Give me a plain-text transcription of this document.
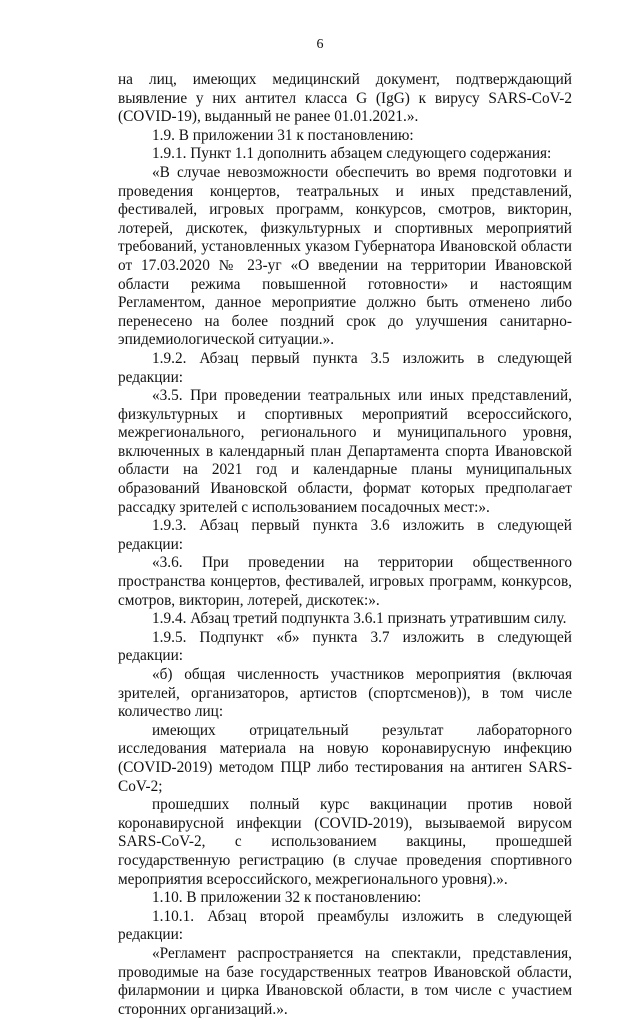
6

на лиц, имеющих медицинский документ, подтверждающий выявление у них антител класса G (IgG) к вирусу SARS-CoV-2 (COVID-19), выданный не ранее 01.01.2021.».

1.9. В приложении 31 к постановлению:

1.9.1. Пункт 1.1 дополнить абзацем следующего содержания:

«В случае невозможности обеспечить во время подготовки и проведения концертов, театральных и иных представлений, фестивалей, игровых программ, конкурсов, смотров, викторин, лотерей, дискотек, физкультурных и спортивных мероприятий требований, установленных указом Губернатора Ивановской области от 17.03.2020 № 23-уг «О введении на территории Ивановской области режима повышенной готовности» и настоящим Регламентом, данное мероприятие должно быть отменено либо перенесено на более поздний срок до улучшения санитарно-эпидемиологической ситуации.».

1.9.2. Абзац первый пункта 3.5 изложить в следующей редакции:

«3.5. При проведении театральных или иных представлений, физкультурных и спортивных мероприятий всероссийского, межрегионального, регионального и муниципального уровня, включенных в календарный план Департамента спорта Ивановской области на 2021 год и календарные планы муниципальных образований Ивановской области, формат которых предполагает рассадку зрителей с использованием посадочных мест:».

1.9.3. Абзац первый пункта 3.6 изложить в следующей редакции:

«3.6. При проведении на территории общественного пространства концертов, фестивалей, игровых программ, конкурсов, смотров, викторин, лотерей, дискотек:».

1.9.4. Абзац третий подпункта 3.6.1 признать утратившим силу.

1.9.5. Подпункт «б» пункта 3.7 изложить в следующей редакции:

«б) общая численность участников мероприятия (включая зрителей, организаторов, артистов (спортсменов)), в том числе количество лиц:

имеющих отрицательный результат лабораторного исследования материала на новую коронавирусную инфекцию (COVID-2019) методом ПЦР либо тестирования на антиген SARS-CoV-2;

прошедших полный курс вакцинации против новой коронавирусной инфекции (COVID-2019), вызываемой вирусом SARS-CoV-2, с использованием вакцины, прошедшей государственную регистрацию (в случае проведения спортивного мероприятия всероссийского, межрегионального уровня).».

1.10. В приложении 32 к постановлению:

1.10.1. Абзац второй преамбулы изложить в следующей редакции:

«Регламент распространяется на спектакли, представления, проводимые на базе государственных театров Ивановской области, филармонии и цирка Ивановской области, в том числе с участием сторонних организаций.».
